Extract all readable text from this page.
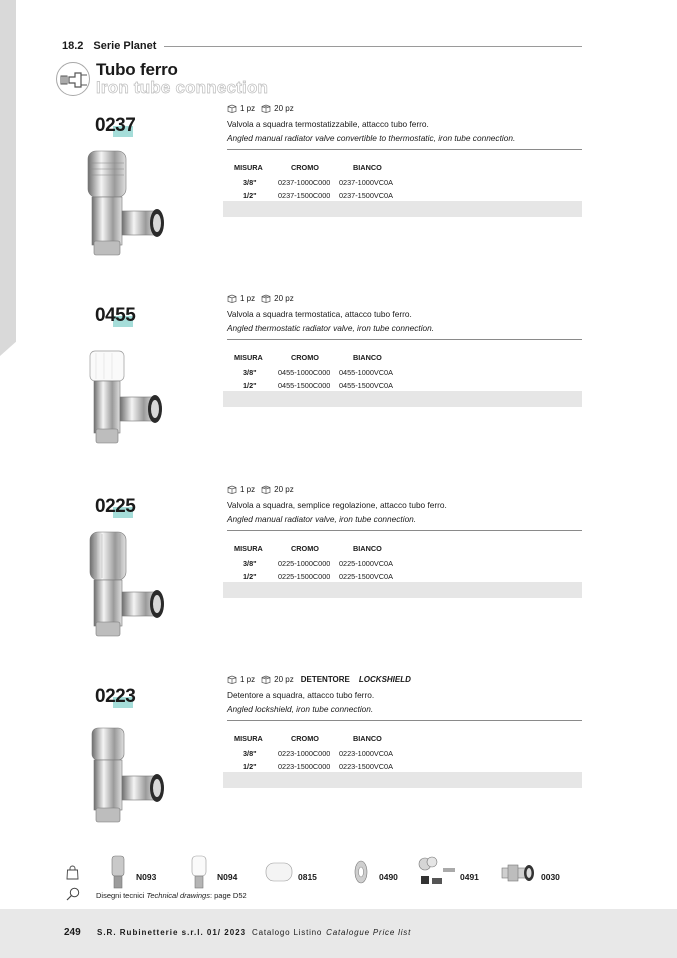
18.2 Serie Planet
Tubo ferro
Iron tube connection
0237
1 pz 20 pz
Valvola a squadra termostatizzabile, attacco tubo ferro.
Angled manual radiator valve convertible to thermostatic, iron tube connection.
MISURA	CROMO	BIANCO
3/8"	0237-1000C000 0237-1000VC0A
1/2"	0237-1500C000 0237-1500VC0A
0455
1 pz 20 pz
Valvola a squadra termostatica, attacco tubo ferro.
Angled thermostatic radiator valve, iron tube connection.
MISURA	CROMO	BIANCO
3/8"	0455-1000C000 0455-1000VC0A
1/2"	0455-1500C000 0455-1500VC0A
0225
1 pz 20 pz
Valvola a squadra, semplice regolazione, attacco tubo ferro.
Angled manual radiator valve, iron tube connection.
MISURA	CROMO	BIANCO
3/8"	0225-1000C000 0225-1000VC0A
1/2"	0225-1500C000 0225-1500VC0A
0223
1 pz 20 pz DETENTORE LOCKSHIELD
Detentore a squadra, attacco tubo ferro.
Angled lockshield, iron tube connection.
MISURA	CROMO	BIANCO
3/8"	0223-1000C000 0223-1000VC0A
1/2"	0223-1500C000 0223-1500VC0A
N093	N094	0815	0490	0491	0030
Disegni tecnici Technical drawings: page D52
249 S.R. Rubinetterie s.r.l. 01/ 2023 Catalogo Listino Catalogue Price list
